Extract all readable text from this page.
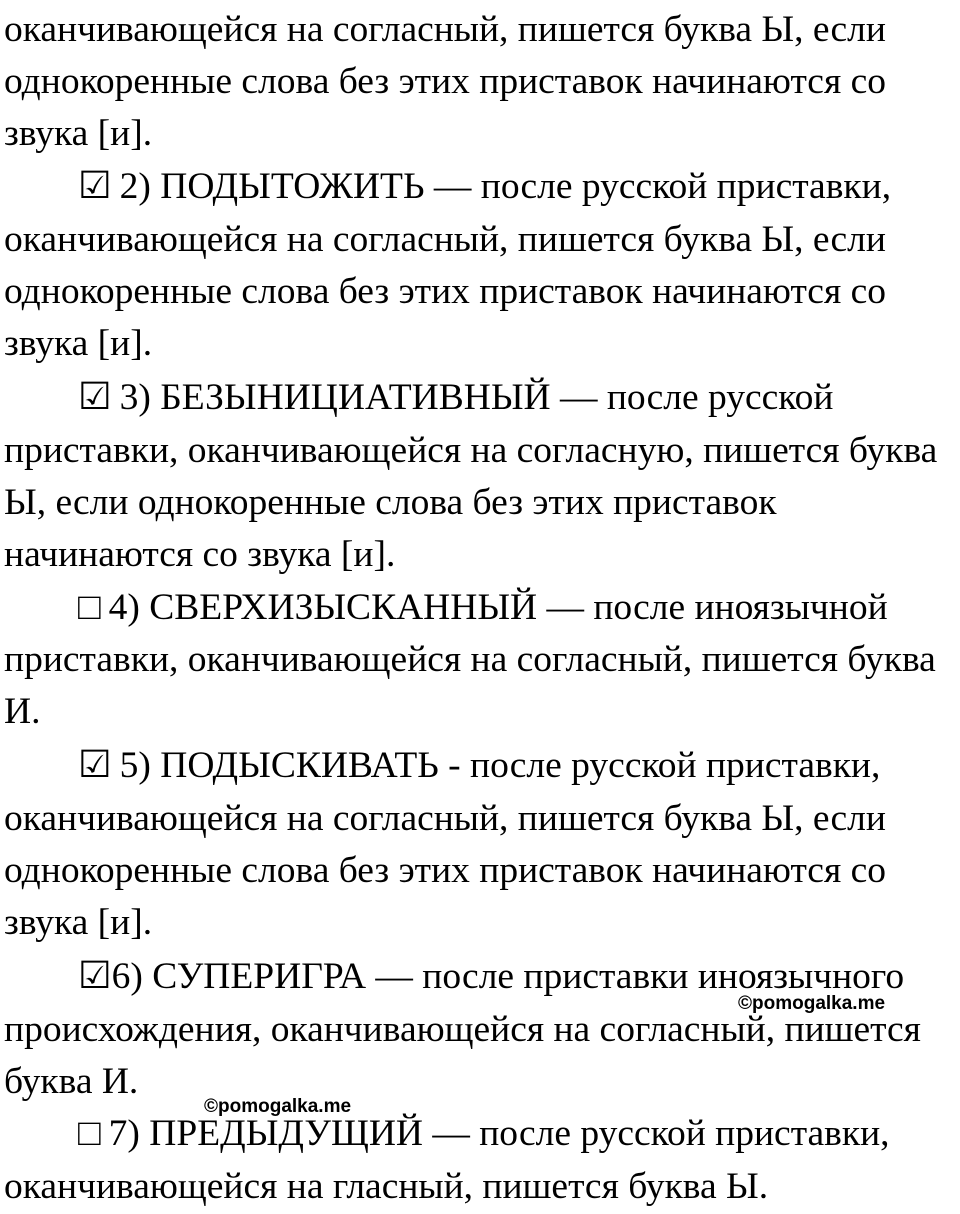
оканчивающейся на согласный, пишется буква Ы, если
однокоренные слова без этих приставок начинаются со
звука [и].
☑ 2) ПОДЫТОЖИТЬ — после русской приставки,
оканчивающейся на согласный, пишется буква Ы, если
однокоренные слова без этих приставок начинаются со
звука [и].
☑ 3) БЕЗЫНИЦИАТИВНЫЙ — после русской
приставки, оканчивающейся на согласную, пишется буква
Ы, если однокоренные слова без этих приставок
начинаются со звука [и].
□ 4) СВЕРХИЗЫСКАННЫЙ — после иноязычной
приставки, оканчивающейся на согласный, пишется буква
И.
☑ 5) ПОДЫСКИВАТЬ - после русской приставки,
оканчивающейся на согласный, пишется буква Ы, если
однокоренные слова без этих приставок начинаются со
звука [и].
☑6) СУПЕРИГРА — после приставки иноязычного
происхождения, оканчивающейся на согласный, пишется
буква И.
□ 7) ПРЕДЫДУЩИЙ — после русской приставки,
оканчивающейся на гласный, пишется буква Ы.
©pomogalka.me
©pomogalka.me
